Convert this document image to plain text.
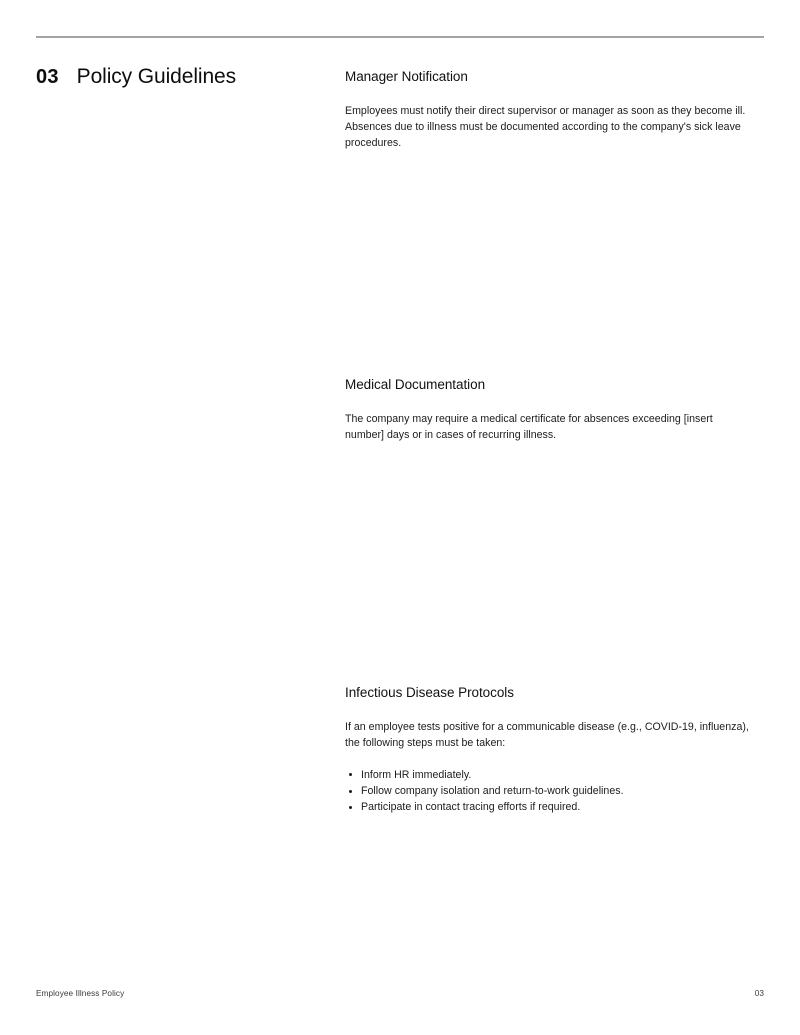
03 Policy Guidelines	Manager Notification

Employees must notify their direct supervisor or manager as soon as they become ill. Absences due to illness must be documented according to the company's sick leave procedures.

Medical Documentation

The company may require a medical certificate for absences exceeding [insert number] days or in cases of recurring illness.

Infectious Disease Protocols

If an employee tests positive for a communicable disease (e.g., COVID-19, influenza), the following steps must be taken:

Inform HR immediately.
Follow company isolation and return-to-work guidelines.
Participate in contact tracing efforts if required.
Employee Illness Policy	03
